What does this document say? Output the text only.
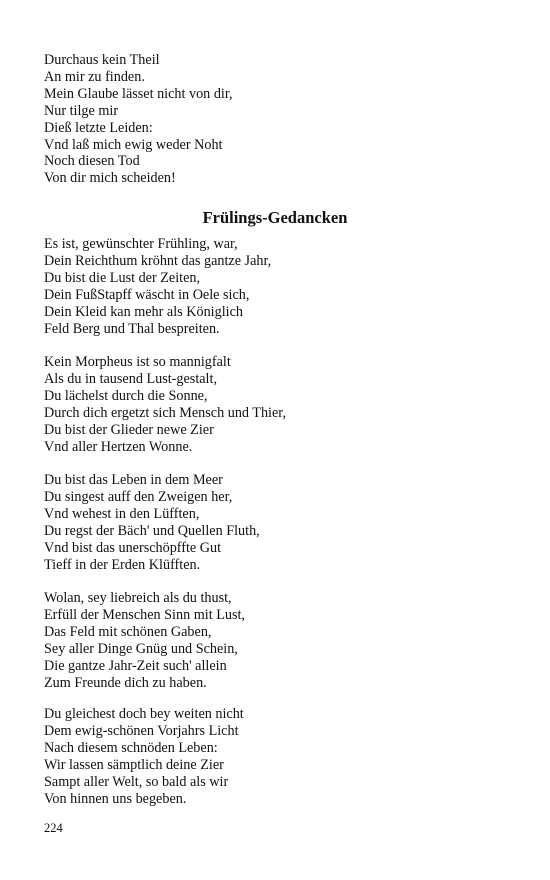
Durchaus kein Theil
An mir zu finden.
Mein Glaube lässet nicht von dir,
Nur tilge mir
Dieß letzte Leiden:
Vnd laß mich ewig weder Noht
Noch diesen Tod
Von dir mich scheiden!
Frülings-Gedancken
Es ist, gewünschter Frühling, war,
Dein Reichthum kröhnt das gantze Jahr,
Du bist die Lust der Zeiten,
Dein FußStapff wäscht in Oele sich,
Dein Kleid kan mehr als Königlich
Feld Berg und Thal bespreiten.
Kein Morpheus ist so mannigfalt
Als du in tausend Lust-gestalt,
Du lächelst durch die Sonne,
Durch dich ergetzt sich Mensch und Thier,
Du bist der Glieder newe Zier
Vnd aller Hertzen Wonne.
Du bist das Leben in dem Meer
Du singest auff den Zweigen her,
Vnd wehest in den Lüfften,
Du regst der Bäch' und Quellen Fluth,
Vnd bist das unerschöpffte Gut
Tieff in der Erden Klüfften.
Wolan, sey liebreich als du thust,
Erfüll der Menschen Sinn mit Lust,
Das Feld mit schönen Gaben,
Sey aller Dinge Gnüg und Schein,
Die gantze Jahr-Zeit such' allein
Zum Freunde dich zu haben.
Du gleichest doch bey weiten nicht
Dem ewig-schönen Vorjahrs Licht
Nach diesem schnöden Leben:
Wir lassen sämptlich deine Zier
Sampt aller Welt, so bald als wir
Von hinnen uns begeben.
224
